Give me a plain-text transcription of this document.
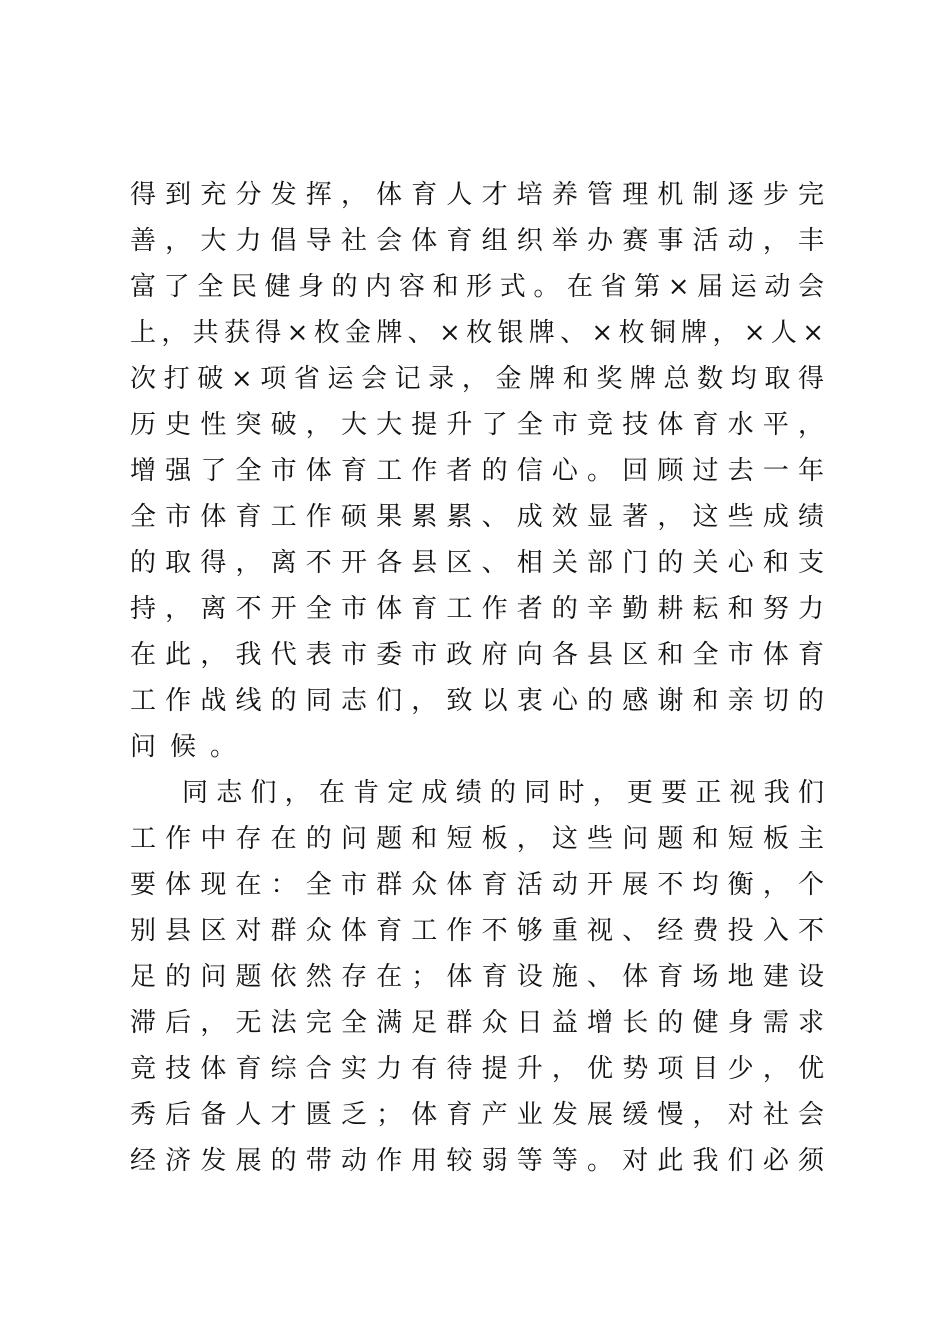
得到充分发挥，体育人才培养管理机制逐步完
善，大力倡导社会体育组织举办赛事活动，丰
富了全民健身的内容和形式。在省第×届运动会
上，共获得×枚金牌、×枚银牌、×枚铜牌，×人×
次打破×项省运会记录，金牌和奖牌总数均取得
历史性突破，大大提升了全市竞技体育水平，
增强了全市体育工作者的信心。回顾过去一年
全市体育工作硕果累累、成效显著，这些成绩
的取得，离不开各县区、相关部门的关心和支
持，离不开全市体育工作者的辛勤耕耘和努力
在此，我代表市委市政府向各县区和全市体育
工作战线的同志们，致以衷心的感谢和亲切的
问候。
同志们，在肯定成绩的同时，更要正视我们
工作中存在的问题和短板，这些问题和短板主
要体现在：全市群众体育活动开展不均衡，个
别县区对群众体育工作不够重视、经费投入不
足的问题依然存在；体育设施、体育场地建设
滞后，无法完全满足群众日益增长的健身需求
竞技体育综合实力有待提升，优势项目少，优
秀后备人才匮乏；体育产业发展缓慢，对社会
经济发展的带动作用较弱等等。对此我们必须
